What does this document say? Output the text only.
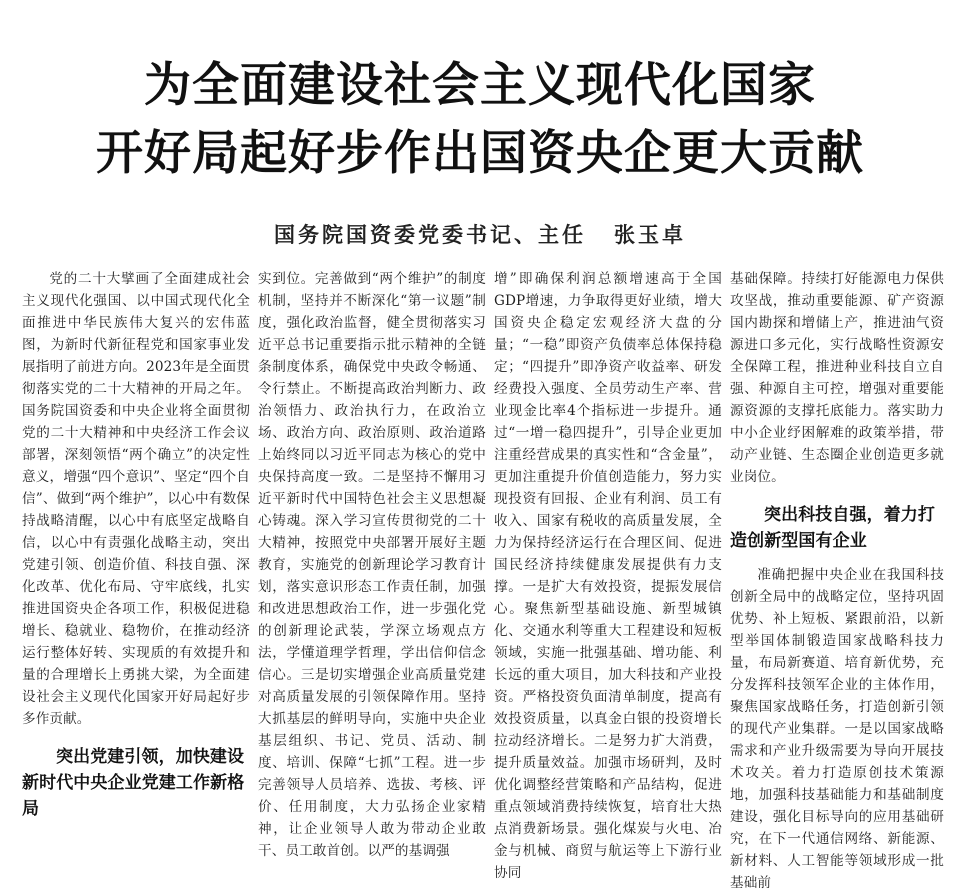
为全面建设社会主义现代化国家
开好局起好步作出国资央企更大贡献
国务院国资委党委书记、主任 张玉卓

党的二十大擘画了全面建成社会主义现代化强国、以中国式现代化全面推进中华民族伟大复兴的宏伟蓝图，为新时代新征程党和国家事业发展指明了前进方向。2023年是全面贯彻落实党的二十大精神的开局之年。国务院国资委和中央企业将全面贯彻党的二十大精神和中央经济工作会议部署，深刻领悟“两个确立”的决定性意义，增强“四个意识”、坚定“四个自信”、做到“两个维护”，以心中有数保持战略清醒，以心中有底坚定战略自信，以心中有责强化战略主动，突出党建引领、创造价值、科技自强、深化改革、优化布局、守牢底线，扎实推进国资央企各项工作，积极促进稳增长、稳就业、稳物价，在推动经济运行整体好转、实现质的有效提升和量的合理增长上勇挑大梁，为全面建设社会主义现代化国家开好局起好步多作贡献。

突出党建引领，加快建设新时代中央企业党建工作新格局

实到位。完善做到“两个维护”的制度机制，坚持并不断深化“第一议题”制度，强化政治监督，健全贯彻落实习近平总书记重要指示批示精神的全链条制度体系，确保党中央政令畅通、令行禁止。不断提高政治判断力、政治领悟力、政治执行力，在政治立场、政治方向、政治原则、政治道路上始终同以习近平同志为核心的党中央保持高度一致。二是坚持不懈用习近平新时代中国特色社会主义思想凝心铸魂。深入学习宣传贯彻党的二十大精神，按照党中央部署开展好主题教育，实施党的创新理论学习教育计划，落实意识形态工作责任制，加强和改进思想政治工作，进一步强化党的创新理论武装，学深立场观点方法，学懂道理学哲理，学出信仰信念信心。三是切实增强企业高质量党建对高质量发展的引领保障作用。坚持大抓基层的鲜明导向，实施中央企业基层组织、书记、党员、活动、制度、培训、保障“七抓”工程。进一步完善领导人员培养、选拔、考核、评价、任用制度，大力弘扬企业家精神，让企业领导人敢为带动企业敢干、员工敢首创。以严的基调强

增”即确保利润总额增速高于全国GDP增速，力争取得更好业绩，增大国资央企稳定宏观经济大盘的分量；“一稳”即资产负债率总体保持稳定；“四提升”即净资产收益率、研发经费投入强度、全员劳动生产率、营业现金比率4个指标进一步提升。通过“一增一稳四提升”，引导企业更加注重经营成果的真实性和“含金量”，更加注重提升价值创造能力，努力实现投资有回报、企业有利润、员工有收入、国家有税收的高质量发展，全力为保持经济运行在合理区间、促进国民经济持续健康发展提供有力支撑。一是扩大有效投资，提振发展信心。聚焦新型基础设施、新型城镇化、交通水利等重大工程建设和短板领域，实施一批强基础、增功能、利长远的重大项目，加大科技和产业投资。严格投资负面清单制度，提高有效投资质量，以真金白银的投资增长拉动经济增长。二是努力扩大消费，提升质量效益。加强市场研判，及时优化调整经营策略和产品结构，促进重点领域消费持续恢复，培育壮大热点消费新场景。强化煤炭与火电、冶金与机械、商贸与航运等上下游行业协同

基础保障。持续打好能源电力保供攻坚战，推动重要能源、矿产资源国内勘探和增储上产，推进油气资源进口多元化，实行战略性资源安全保障工程，推进种业科技自立自强、种源自主可控，增强对重要能源资源的支撑托底能力。落实助力中小企业纾困解难的政策举措，带动产业链、生态圈企业创造更多就业岗位。

突出科技自强，着力打造创新型国有企业

准确把握中央企业在我国科技创新全局中的战略定位，坚持巩固优势、补上短板、紧跟前沿，以新型举国体制锻造国家战略科技力量，布局新赛道、培育新优势，充分发挥科技领军企业的主体作用，聚焦国家战略任务，打造创新引领的现代产业集群。一是以国家战略需求和产业升级需要为导向开展技术攻关。着力打造原创技术策源地，加强科技基础能力和基础制度建设，强化目标导向的应用基础研究，在下一代通信网络、新能源、新材料、人工智能等领域形成一批基础前
